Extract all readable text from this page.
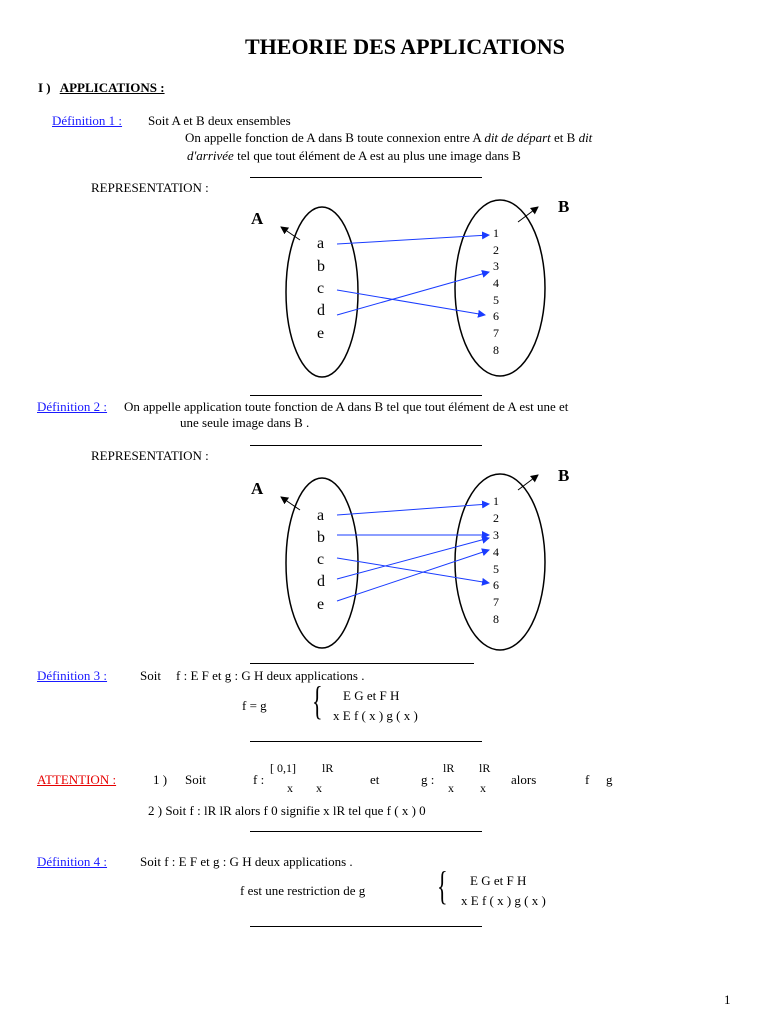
THEORIE DES APPLICATIONS
I ) APPLICATIONS :
Définition 1 : Soit A et B deux ensembles
On appelle fonction de A dans B toute connexion entre A dit de départ et B dit
d'arrivée tel que tout élément de A est au plus une image dans B
REPRESENTATION :
A
B
a
b
c
d
e
1
2
3
4
5
6
7
8
Définition 2 : On appelle application toute fonction de A dans B tel que tout élément de A est une et
une seule image dans B .
REPRESENTATION :
A
B
a
b
c
d
e
1
2
3
4
5
6
7
8
Définition 3 :	Soit f : E F et g : G H deux applications .
f = g { E G et F H
x E f ( x ) g ( x )
ATTENTION :	1 ) Soit	f :
[ 0,1] lR
x x
et	g :
lR lR
x x
alors	f g
2 ) Soit f : lR lR alors f 0 signifie x lR tel que f ( x ) 0
Définition 4 :	Soit f : E F et g : G H deux applications .
f est une restriction de g { E G et F H
x E f ( x ) g ( x )
1
